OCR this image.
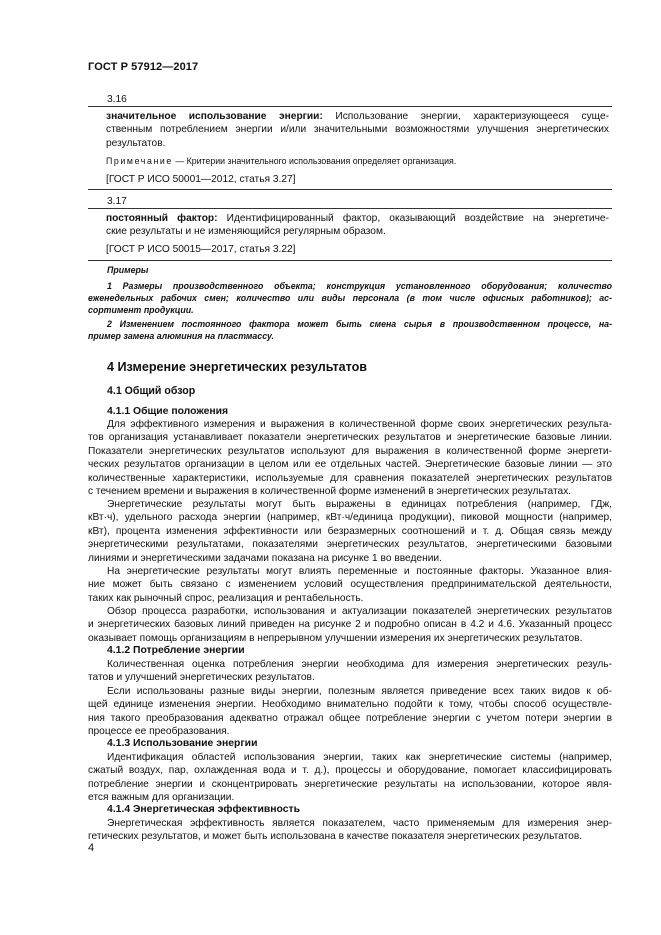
ГОСТ Р 57912—2017
3.16
значительное использование энергии: Использование энергии, характеризующееся суще-
ственным потреблением энергии и/или значительными возможностями улучшения энергетических
результатов.
Примечание — Критерии значительного использования определяет организация.
[ГОСТ Р ИСО 50001—2012, статья 3.27]
3.17
постоянный фактор: Идентифицированный фактор, оказывающий воздействие на энергетиче-
ские результаты и не изменяющийся регулярным образом.
[ГОСТ Р ИСО 50015—2017, статья 3.22]
Примеры
1 Размеры производственного объекта; конструкция установленного оборудования; количество
еженедельных рабочих смен; количество или виды персонала (в том числе офисных работников); ас-
сортимент продукции.
2 Изменением постоянного фактора может быть смена сырья в производственном процессе, на-
пример замена алюминия на пластмассу.
4 Измерение энергетических результатов
4.1 Общий обзор
4.1.1 Общие положения
Для эффективного измерения и выражения в количественной форме своих энергетических результа-
тов организация устанавливает показатели энергетических результатов и энергетические базовые линии.
Показатели энергетических результатов используют для выражения в количественной форме энергети-
ческих результатов организации в целом или ее отдельных частей. Энергетические базовые линии — это
количественные характеристики, используемые для сравнения показателей энергетических результатов
с течением времени и выражения в количественной форме изменений в энергетических результатах.
Энергетические результаты могут быть выражены в единицах потребления (например, ГДж,
кВт·ч), удельного расхода энергии (например, кВт·ч/единица продукции), пиковой мощности (например,
кВт), процента изменения эффективности или безразмерных соотношений и т. д. Общая связь между
энергетическими результатами, показателями энергетических результатов, энергетическими базовыми
линиями и энергетическими задачами показана на рисунке 1 во введении.
На энергетические результаты могут влиять переменные и постоянные факторы. Указанное влия-
ние может быть связано с изменением условий осуществления предпринимательской деятельности,
таких как рыночный спрос, реализация и рентабельность.
Обзор процесса разработки, использования и актуализации показателей энергетических результатов
и энергетических базовых линий приведен на рисунке 2 и подробно описан в 4.2 и 4.6. Указанный процесс
оказывает помощь организациям в непрерывном улучшении измерения их энергетических результатов.
4.1.2 Потребление энергии
Количественная оценка потребления энергии необходима для измерения энергетических резуль-
татов и улучшений энергетических результатов.
Если использованы разные виды энергии, полезным является приведение всех таких видов к об-
щей единице изменения энергии. Необходимо внимательно подойти к тому, чтобы способ осуществле-
ния такого преобразования адекватно отражал общее потребление энергии с учетом потери энергии в
процессе ее преобразования.
4.1.3 Использование энергии
Идентификация областей использования энергии, таких как энергетические системы (например,
сжатый воздух, пар, охлажденная вода и т. д.), процессы и оборудование, помогает классифицировать
потребление энергии и сконцентрировать энергетические результаты на использовании, которое явля-
ется важным для организации.
4.1.4 Энергетическая эффективность
Энергетическая эффективность является показателем, часто применяемым для измерения энер-
гетических результатов, и может быть использована в качестве показателя энергетических результатов.
4
